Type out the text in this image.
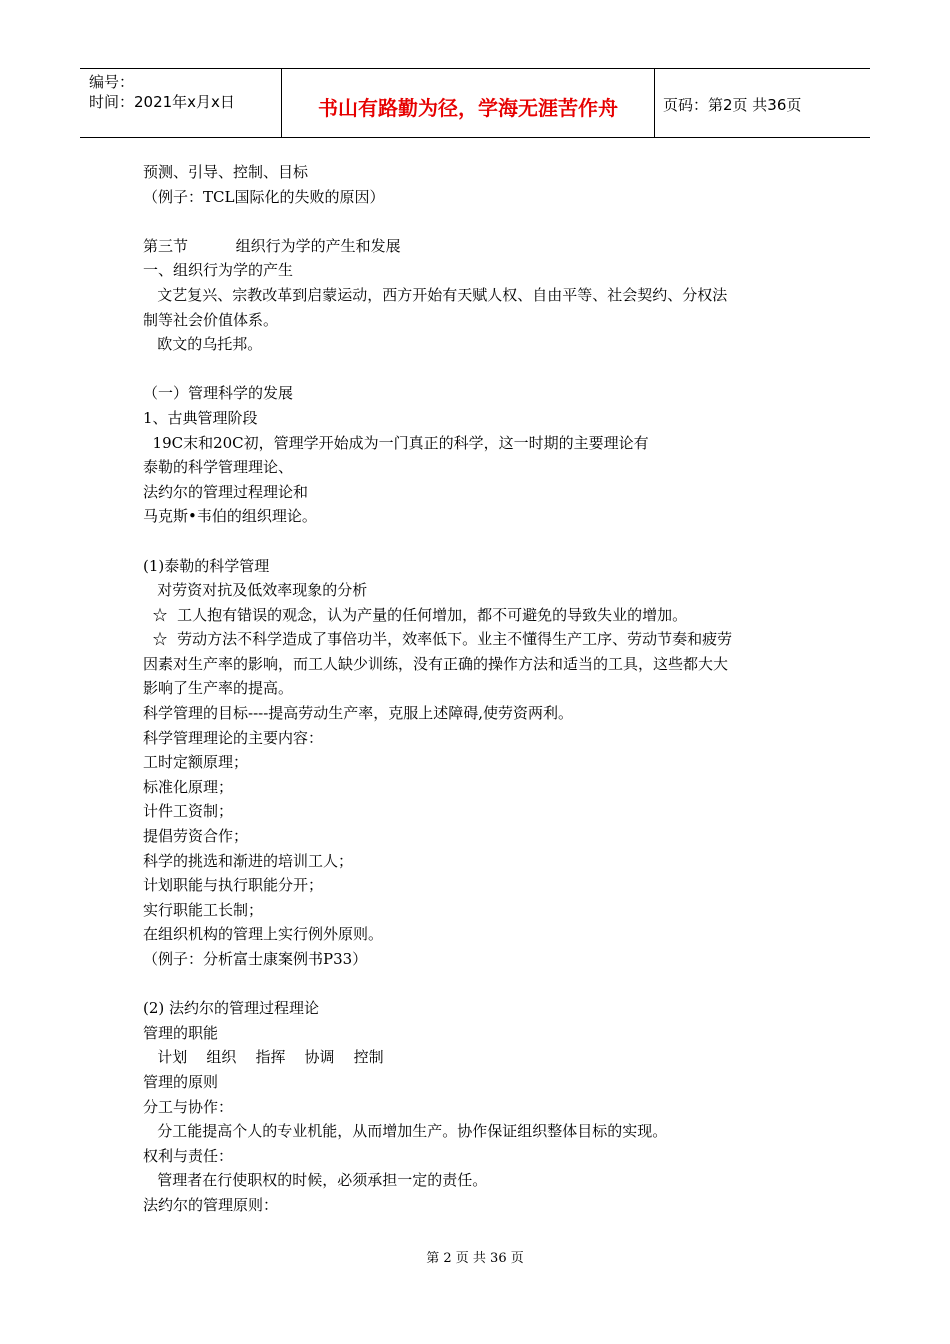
编号：
时间：2021年x月x日	书山有路勤为径，学海无涯苦作舟	页码：第2页 共36页
预测、引导、控制、目标
（例子：TCL国际化的失败的原因）
第三节          组织行为学的产生和发展
一、组织行为学的产生
文艺复兴、宗教改革到启蒙运动，西方开始有天赋人权、自由平等、社会契约、分权法
制等社会价值体系。
欧文的乌托邦。
（一）管理科学的发展
1、古典管理阶段
19C末和20C初，管理学开始成为一门真正的科学，这一时期的主要理论有
泰勒的科学管理理论、
法约尔的管理过程理论和
马克斯•韦伯的组织理论。
(1)泰勒的科学管理
对劳资对抗及低效率现象的分析
☆  工人抱有错误的观念，认为产量的任何增加，都不可避免的导致失业的增加。
☆  劳动方法不科学造成了事倍功半，效率低下。业主不懂得生产工序、劳动节奏和疲劳
因素对生产率的影响，而工人缺少训练，没有正确的操作方法和适当的工具，这些都大大
影响了生产率的提高。
科学管理的目标----提高劳动生产率，克服上述障碍,使劳资两利。
科学管理理论的主要内容：
工时定额原理；
标准化原理；
计件工资制；
提倡劳资合作；
科学的挑选和渐进的培训工人；
计划职能与执行职能分开；
实行职能工长制；
在组织机构的管理上实行例外原则。
（例子：分析富士康案例书P33）
(2) 法约尔的管理过程理论
管理的职能
计划    组织    指挥    协调    控制
管理的原则
分工与协作：
分工能提高个人的专业机能，从而增加生产。协作保证组织整体目标的实现。
权利与责任：
管理者在行使职权的时候，必须承担一定的责任。
法约尔的管理原则：
第 2 页 共 36 页
